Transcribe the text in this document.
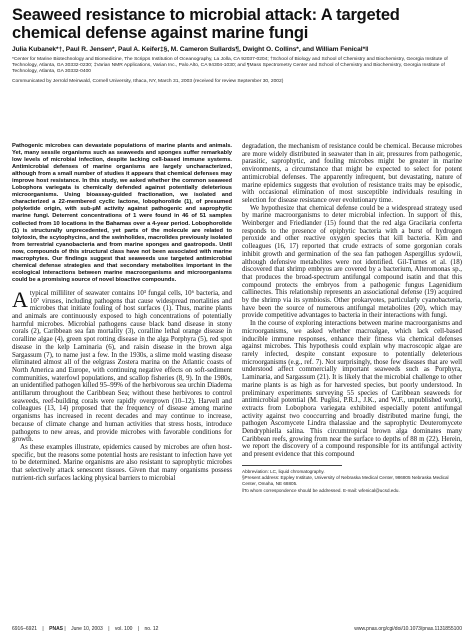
Seaweed resistance to microbial attack: A targeted chemical defense against marine fungi
Julia Kubanek*†, Paul R. Jensen*, Paul A. Keifer‡§, M. Cameron Sullards¶, Dwight O. Collins*, and William Fenical*‖
*Center for Marine Biotechnology and Biomedicine, The Scripps Institution of Oceanography, La Jolla, CA 92037-0204; †School of Biology and School of Chemistry and Biochemistry, Georgia Institute of Technology, Atlanta, GA 30332-0230; ‡Varian NMR Applications, Varian Inc., Palo Alto, CA 94304-1030; and ¶Mass Spectrometry Center and School of Chemistry and Biochemistry, Georgia Institute of Technology, Atlanta, GA 30332-0400
Communicated by Jerrold Meinwald, Cornell University, Ithaca, NY, March 31, 2003 (received for review September 30, 2002)

Pathogenic microbes can devastate populations of marine plants and animals. Yet, many sessile organisms such as seaweeds and sponges suffer remarkably low levels of microbial infection, despite lacking cell-based immune systems. Antimicrobial defenses of marine organisms are largely uncharacterized, although from a small number of studies it appears that chemical defenses may improve host resistance. In this study, we asked whether the common seaweed Lobophora variegata is chemically defended against potentially deleterious microorganisms. Using bioassay-guided fractionation, we isolated and characterized a 22-membered cyclic lactone, lobophorolide (1), of presumed polyketide origin, with sub-μM activity against pathogenic and saprophytic marine fungi. Deterrent concentrations of 1 were found in 46 of 51 samples collected from 10 locations in the Bahamas over a 4-year period. Lobophorolide (1) is structurally unprecedented, yet parts of the molecule are related to tolytoxin, the scytophycins, and the swinholides, macrolides previously isolated from terrestrial cyanobacteria and from marine sponges and gastropods. Until now, compounds of this structural class have not been associated with marine macrophytes. Our findings suggest that seaweeds use targeted antimicrobial chemical defense strategies and that secondary metabolites important in the ecological interactions between marine macroorganisms and microorganisms could be a promising source of novel bioactive compounds.

Atypical milliliter of seawater contains 10³ fungal cells, 10⁶ bacteria, and 10⁷ viruses, including pathogens that cause widespread mortalities and microbes that initiate fouling of host surfaces (1). Thus, marine plants and animals are continuously exposed to high concentrations of potentially harmful microbes. Microbial pathogens cause black band disease in stony corals (2), Caribbean sea fan mortality (3), coralline lethal orange disease in coralline algae (4), green spot rotting disease in the alga Porphyra (5), red spot disease in the kelp Laminaria (6), and raisin disease in the brown alga Sargassum (7), to name just a few. In the 1930s, a slime mold wasting disease eliminated almost all of the eelgrass Zostera marina on the Atlantic coasts of North America and Europe, with continuing negative effects on soft-sediment communities, waterfowl populations, and scallop fisheries (8, 9). In the 1980s, an unidentified pathogen killed 95–99% of the herbivorous sea urchin Diadema antillarum throughout the Caribbean Sea; without these herbivores to control seaweeds, reef-building corals were rapidly overgrown (10–12). Harvell and colleagues (13, 14) proposed that the frequency of disease among marine organisms has increased in recent decades and may continue to increase, because of climate change and human activities that stress hosts, introduce pathogens to new areas, and provide microbes with favorable conditions for growth.

As these examples illustrate, epidemics caused by microbes are often host-specific, but the reasons some potential hosts are resistant to infection have yet to be determined. Marine organisms are also resistant to saprophytic microbes that selectively attack senescent tissues. Given that many organisms possess nutrient-rich surfaces lacking physical barriers to microbial

degradation, the mechanism of resistance could be chemical. Because microbes are more widely distributed in seawater than in air, pressures from pathogenic, parasitic, saprophytic, and fouling microbes might be greater in marine environments, a circumstance that might be expected to select for potent antimicrobial defenses. The apparently infrequent, but devastating, nature of marine epidemics suggests that evolution of resistance traits may be episodic, with occasional elimination of most susceptible individuals resulting in selection for disease resistance over evolutionary time.

We hypothesize that chemical defense could be a widespread strategy used by marine macroorganisms to deter microbial infection. In support of this, Weinberger and Friedlander (15) found that the red alga Gracilaria conferta responds to the presence of epiphytic bacteria with a burst of hydrogen peroxide and other reactive oxygen species that kill bacteria. Kim and colleagues (16, 17) reported that crude extracts of some gorgonian corals inhibit growth and germination of the sea fan pathogen Aspergillus sydowii, although defensive metabolites were not identified. Gil-Turnes et al. (18) discovered that shrimp embryos are covered by a bacterium, Alteromonas sp., that produces the broad-spectrum antifungal compound isatin and that this compound protects the embryos from a pathogenic fungus Lagenidium callinectes. This relationship represents an associational defense (19) acquired by the shrimp via its symbiosis. Other prokaryotes, particularly cyanobacteria, have been the source of numerous antifungal metabolites (20), which may provide competitive advantages to bacteria in their interactions with fungi.

In the course of exploring interactions between marine macroorganisms and microorganisms, we asked whether macroalgae, which lack cell-based inducible immune responses, enhance their fitness via chemical defenses against microbes. This hypothesis could explain why macroscopic algae are rarely infected, despite constant exposure to potentially deleterious microorganisms (e.g., ref. 7). Not surprisingly, those few diseases that are well understood affect commercially important seaweeds such as Porphyra, Laminaria, and Sargassum (21). It is likely that the microbial challenge to other marine plants is as high as for harvested species, but poorly understood. In preliminary experiments surveying 55 species of Caribbean seaweeds for antimicrobial potential (M. Puglisi, P.R.J., J.K., and W.F., unpublished work), extracts from Lobophora variegata exhibited especially potent antifungal activity against two cooccurring and broadly distributed marine fungi, the pathogen Ascomycete Lindra thalassiae and the saprophytic Deuteromycete Dendryphiella salina. This circumtropical brown alga dominates many Caribbean reefs, growing from near the surface to depths of 88 m (22). Herein, we report the discovery of a compound responsible for its antifungal activity and present evidence that this compound

Abbreviation: LC, liquid chromatography.

§Present address: Eppley Institute, University of Nebraska Medical Center, 986805 Nebraska Medical Center, Omaha, NE 68805.

‖To whom correspondence should be addressed. E-mail: wfenical@ucsd.edu.

6916–6921 | PNAS | June 10, 2003 | vol. 100 | no. 12	www.pnas.org/cgi/doi/10.1073/pnas.1131855100
